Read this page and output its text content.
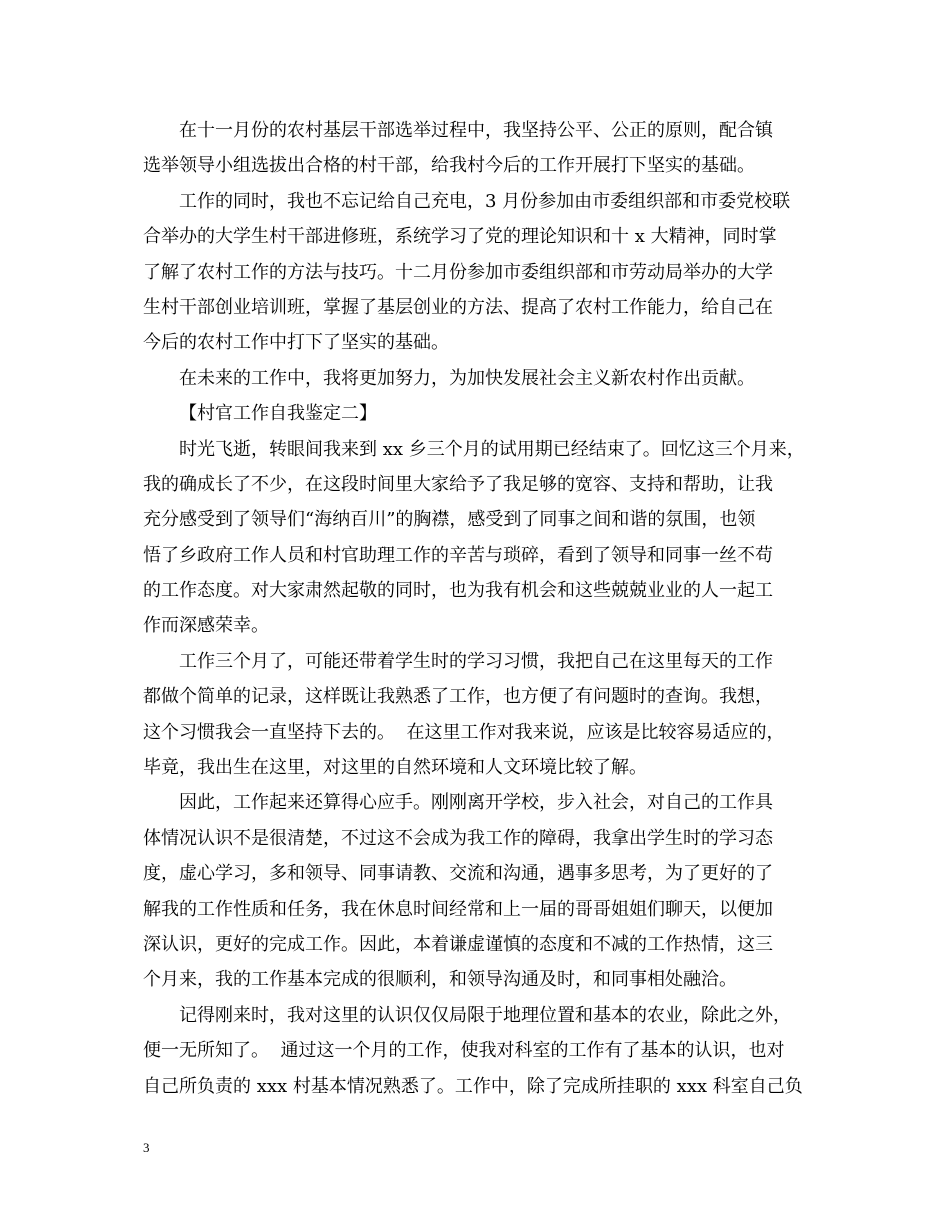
在十一月份的农村基层干部选举过程中，我坚持公平、公正的原则，配合镇
选举领导小组选拔出合格的村干部，给我村今后的工作开展打下坚实的基础。
工作的同时，我也不忘记给自己充电，3 月份参加由市委组织部和市委党校联
合举办的大学生村干部进修班，系统学习了党的理论知识和十 x 大精神，同时掌
了解了农村工作的方法与技巧。十二月份参加市委组织部和市劳动局举办的大学
生村干部创业培训班，掌握了基层创业的方法、提高了农村工作能力，给自己在
今后的农村工作中打下了坚实的基础。
在未来的工作中，我将更加努力，为加快发展社会主义新农村作出贡献。
【村官工作自我鉴定二】
时光飞逝，转眼间我来到 xx 乡三个月的试用期已经结束了。回忆这三个月来，
我的确成长了不少，在这段时间里大家给予了我足够的宽容、支持和帮助，让我
充分感受到了领导们“海纳百川”的胸襟，感受到了同事之间和谐的氛围，也领
悟了乡政府工作人员和村官助理工作的辛苦与琐碎，看到了领导和同事一丝不苟
的工作态度。对大家肃然起敬的同时，也为我有机会和这些兢兢业业的人一起工
作而深感荣幸。
工作三个月了，可能还带着学生时的学习习惯，我把自己在这里每天的工作
都做个简单的记录，这样既让我熟悉了工作，也方便了有问题时的查询。我想，
这个习惯我会一直坚持下去的。  在这里工作对我来说，应该是比较容易适应的，
毕竟，我出生在这里，对这里的自然环境和人文环境比较了解。
因此，工作起来还算得心应手。刚刚离开学校，步入社会，对自己的工作具
体情况认识不是很清楚，不过这不会成为我工作的障碍，我拿出学生时的学习态
度，虚心学习，多和领导、同事请教、交流和沟通，遇事多思考，为了更好的了
解我的工作性质和任务，我在休息时间经常和上一届的哥哥姐姐们聊天，以便加
深认识，更好的完成工作。因此，本着谦虚谨慎的态度和不减的工作热情，这三
个月来，我的工作基本完成的很顺利，和领导沟通及时，和同事相处融洽。
记得刚来时，我对这里的认识仅仅局限于地理位置和基本的农业，除此之外，
便一无所知了。  通过这一个月的工作，使我对科室的工作有了基本的认识，也对
自己所负责的 xxx 村基本情况熟悉了。工作中，除了完成所挂职的 xxx 科室自己负
3
